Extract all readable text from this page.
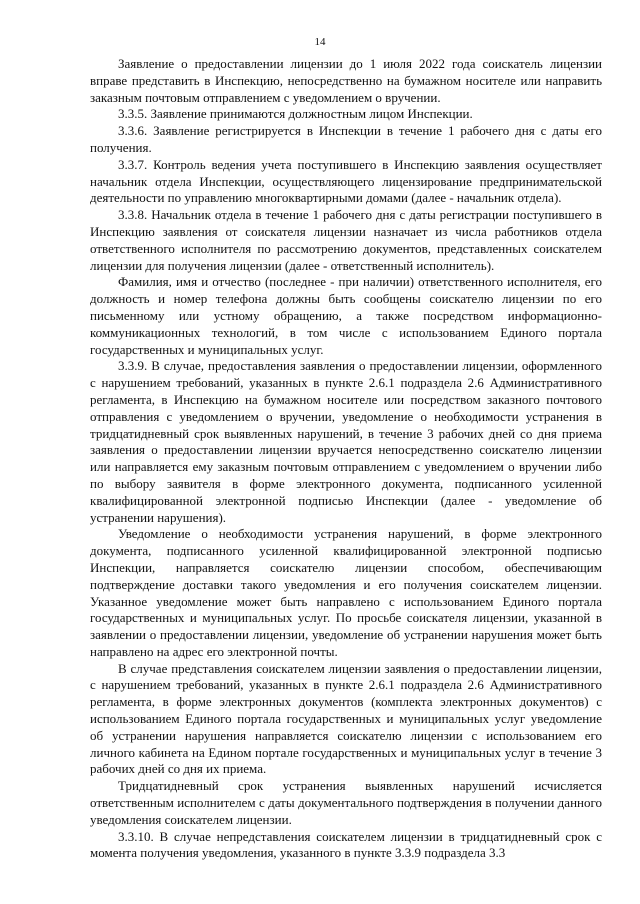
14

Заявление о предоставлении лицензии до 1 июля 2022 года соискатель лицензии вправе представить в Инспекцию, непосредственно на бумажном носителе или направить заказным почтовым отправлением с уведомлением о вручении.

3.3.5. Заявление принимаются должностным лицом Инспекции.

3.3.6. Заявление регистрируется в Инспекции в течение 1 рабочего дня с даты его получения.

3.3.7. Контроль ведения учета поступившего в Инспекцию заявления осуществляет начальник отдела Инспекции, осуществляющего лицензирование предпринимательской деятельности по управлению многоквартирными домами (далее - начальник отдела).

3.3.8. Начальник отдела в течение 1 рабочего дня с даты регистрации поступившего в Инспекцию заявления от соискателя лицензии назначает из числа работников отдела ответственного исполнителя по рассмотрению документов, представленных соискателем лицензии для получения лицензии (далее - ответственный исполнитель).

Фамилия, имя и отчество (последнее - при наличии) ответственного исполнителя, его должность и номер телефона должны быть сообщены соискателю лицензии по его письменному или устному обращению, а также посредством информационно-коммуникационных технологий, в том числе с использованием Единого портала государственных и муниципальных услуг.

3.3.9. В случае, предоставления заявления о предоставлении лицензии, оформленного с нарушением требований, указанных в пункте 2.6.1 подраздела 2.6 Административного регламента, в Инспекцию на бумажном носителе или посредством заказного почтового отправления с уведомлением о вручении, уведомление о необходимости устранения в тридцатидневный срок выявленных нарушений, в течение 3 рабочих дней со дня приема заявления о предоставлении лицензии вручается непосредственно соискателю лицензии или направляется ему заказным почтовым отправлением с уведомлением о вручении либо по выбору заявителя в форме электронного документа, подписанного усиленной квалифицированной электронной подписью Инспекции (далее - уведомление об устранении нарушения).

Уведомление о необходимости устранения нарушений, в форме электронного документа, подписанного усиленной квалифицированной электронной подписью Инспекции, направляется соискателю лицензии способом, обеспечивающим подтверждение доставки такого уведомления и его получения соискателем лицензии. Указанное уведомление может быть направлено с использованием Единого портала государственных и муниципальных услуг. По просьбе соискателя лицензии, указанной в заявлении о предоставлении лицензии, уведомление об устранении нарушения может быть направлено на адрес его электронной почты.

В случае представления соискателем лицензии заявления о предоставлении лицензии, с нарушением требований, указанных в пункте 2.6.1 подраздела 2.6 Административного регламента, в форме электронных документов (комплекта электронных документов) с использованием Единого портала государственных и муниципальных услуг уведомление об устранении нарушения направляется соискателю лицензии с использованием его личного кабинета на Едином портале государственных и муниципальных услуг в течение 3 рабочих дней со дня их приема.

Тридцатидневный срок устранения выявленных нарушений исчисляется ответственным исполнителем с даты документального подтверждения в получении данного уведомления соискателем лицензии.

3.3.10. В случае непредставления соискателем лицензии в тридцатидневный срок с момента получения уведомления, указанного в пункте 3.3.9 подраздела 3.3
